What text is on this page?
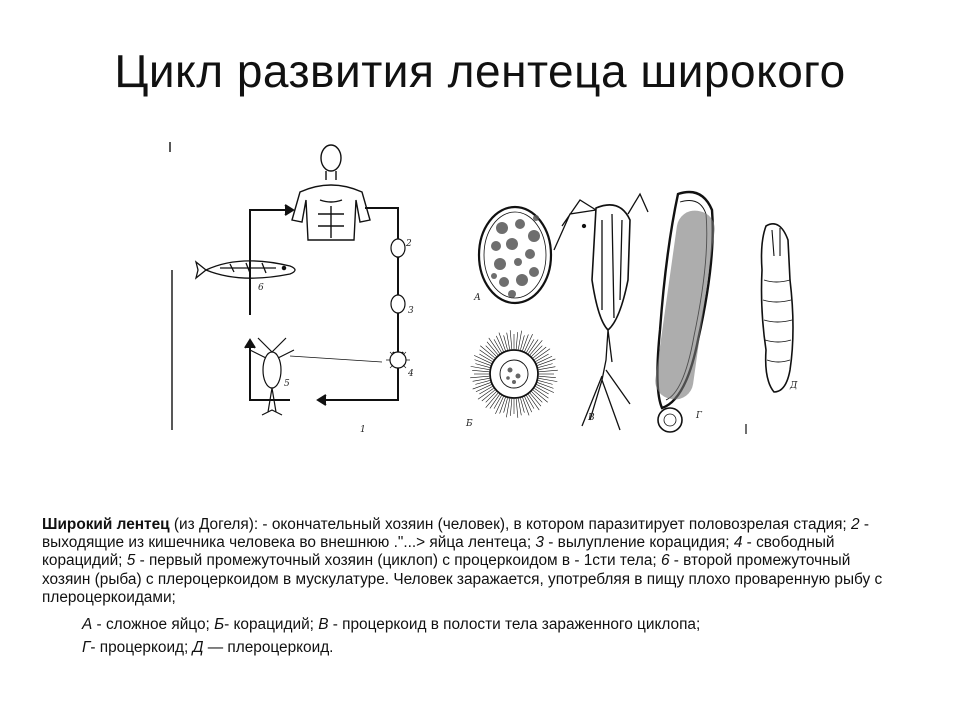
Цикл развития лентеца широкого
2
3
4
5
6
1
А
Б
В	Г
Д

Широкий лентец (из Догеля): - окончательный хозяин (человек), в котором паразитирует половозрелая стадия; 2 - выходящие из кишечника человека во внешнюю ."...> яйца лентеца; 3 - вылупление корацидия; 4 - свободный корацидий; 5 - первый промежуточный хозяин (циклоп) с процеркоидом в - 1сти тела; 6 - второй промежуточный хозяин (рыба) с плероцеркоидом в мускулатуре. Человек заражается, употребляя в пищу плохо проваренную рыбу с плероцеркоидами;

А - сложное яйцо; Б- корацидий; В - процеркоид в полости тела зараженного циклопа;
Г- процеркоид; Д — плероцеркоид.
